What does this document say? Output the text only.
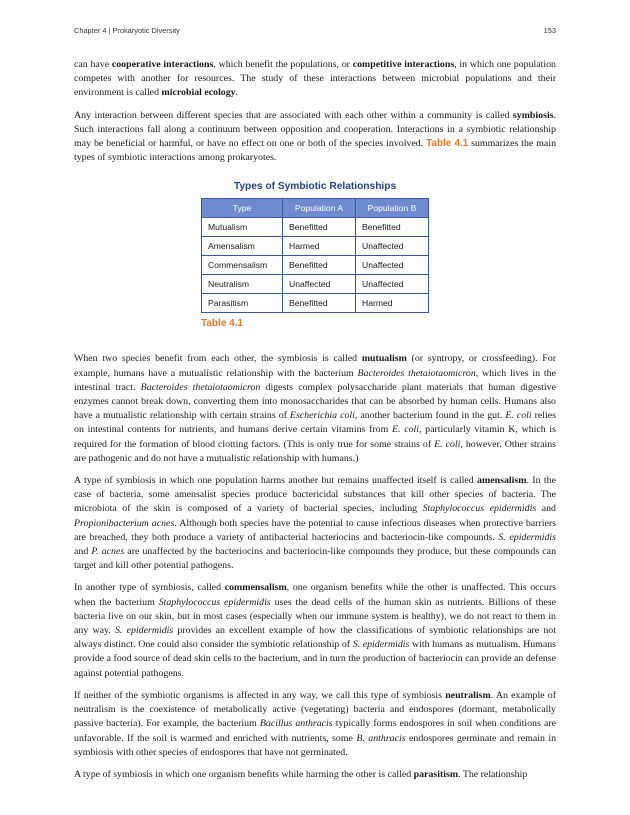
Chapter 4 | Prokaryotic Diversity	153

can have cooperative interactions, which benefit the populations, or competitive interactions, in which one population competes with another for resources. The study of these interactions between microbial populations and their environment is called microbial ecology.

Any interaction between different species that are associated with each other within a community is called symbiosis. Such interactions fall along a continuum between opposition and cooperation. Interactions in a symbiotic relationship may be beneficial or harmful, or have no effect on one or both of the species involved. Table 4.1 summarizes the main types of symbiotic interactions among prokaryotes.

Types of Symbiotic Relationships
Type	Population A	Population B
Mutualism	Benefitted	Benefitted
Amensalism	Harmed	Unaffected
Commensalism	Benefitted	Unaffected
Neutralism	Unaffected	Unaffected
Parasitism	Benefitted	Harmed
Table 4.1

When two species benefit from each other, the symbiosis is called mutualism (or syntropy, or crossfeeding). For example, humans have a mutualistic relationship with the bacterium Bacteroides thetaiotaomicron, which lives in the intestinal tract. Bacteroides thetaiotaomicron digests complex polysaccharide plant materials that human digestive enzymes cannot break down, converting them into monosaccharides that can be absorbed by human cells. Humans also have a mutualistic relationship with certain strains of Escherichia coli, another bacterium found in the gut. E. coli relies on intestinal contents for nutrients, and humans derive certain vitamins from E. coli, particularly vitamin K, which is required for the formation of blood clotting factors. (This is only true for some strains of E. coli, however. Other strains are pathogenic and do not have a mutualistic relationship with humans.)

A type of symbiosis in which one population harms another but remains unaffected itself is called amensalism. In the case of bacteria, some amensalist species produce bactericidal substances that kill other species of bacteria. The microbiota of the skin is composed of a variety of bacterial species, including Staphylococcus epidermidis and Propionibacterium acnes. Although both species have the potential to cause infectious diseases when protective barriers are breached, they both produce a variety of antibacterial bacteriocins and bacteriocin-like compounds. S. epidermidis and P. acnes are unaffected by the bacteriocins and bacteriocin-like compounds they produce, but these compounds can target and kill other potential pathogens.

In another type of symbiosis, called commensalism, one organism benefits while the other is unaffected. This occurs when the bacterium Staphylococcus epidermidis uses the dead cells of the human skin as nutrients. Billions of these bacteria live on our skin, but in most cases (especially when our immune system is healthy), we do not react to them in any way. S. epidermidis provides an excellent example of how the classifications of symbiotic relationships are not always distinct. One could also consider the symbiotic relationship of S. epidermidis with humans as mutualism. Humans provide a food source of dead skin cells to the bacterium, and in turn the production of bacteriocin can provide an defense against potential pathogens.

If neither of the symbiotic organisms is affected in any way, we call this type of symbiosis neutralism. An example of neutralism is the coexistence of metabolically active (vegetating) bacteria and endospores (dormant, metabolically passive bacteria). For example, the bacterium Bacillus anthracis typically forms endospores in soil when conditions are unfavorable. If the soil is warmed and enriched with nutrients, some B. anthracis endospores germinate and remain in symbiosis with other species of endospores that have not germinated.

A type of symbiosis in which one organism benefits while harming the other is called parasitism. The relationship
